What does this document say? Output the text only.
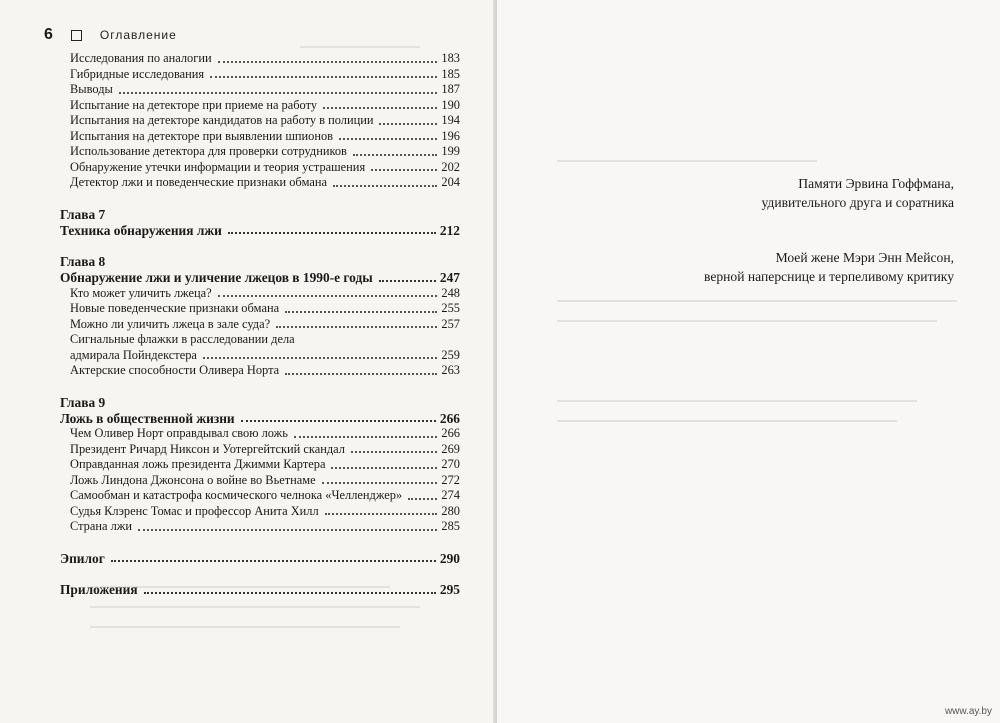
6	Оглавление
Исследования по аналогии	183
Гибридные исследования	185
Выводы	187
Испытание на детекторе при приеме на работу	190
Испытания на детекторе кандидатов на работу в полиции	194
Испытания на детекторе при выявлении шпионов	196
Использование детектора для проверки сотрудников	199
Обнаружение утечки информации и теория устрашения	202
Детектор лжи и поведенческие признаки обмана	204
Глава 7
Техника обнаружения лжи	212
Глава 8
Обнаружение лжи и уличение лжецов в 1990-е годы	247
Кто может уличить лжеца?	248
Новые поведенческие признаки обмана	255
Можно ли уличить лжеца в зале суда?	257
Сигнальные флажки в расследовании дела
адмирала Пойндекстера	259
Актерские способности Оливера Норта	263
Глава 9
Ложь в общественной жизни	266
Чем Оливер Норт оправдывал свою ложь	266
Президент Ричард Никсон и Уотергейтский скандал	269
Оправданная ложь президента Джимми Картера	270
Ложь Линдона Джонсона о войне во Вьетнаме	272
Самообман и катастрофа космического челнока «Челленджер»	274
Судья Клэренс Томас и профессор Анита Хилл	280
Страна лжи	285
Эпилог	290
Приложения	295
Памяти Эрвина Гоффмана,
удивительного друга и соратника
Моей жене Мэри Энн Мейсон,
верной наперснице и терпеливому критику
www.ay.by
